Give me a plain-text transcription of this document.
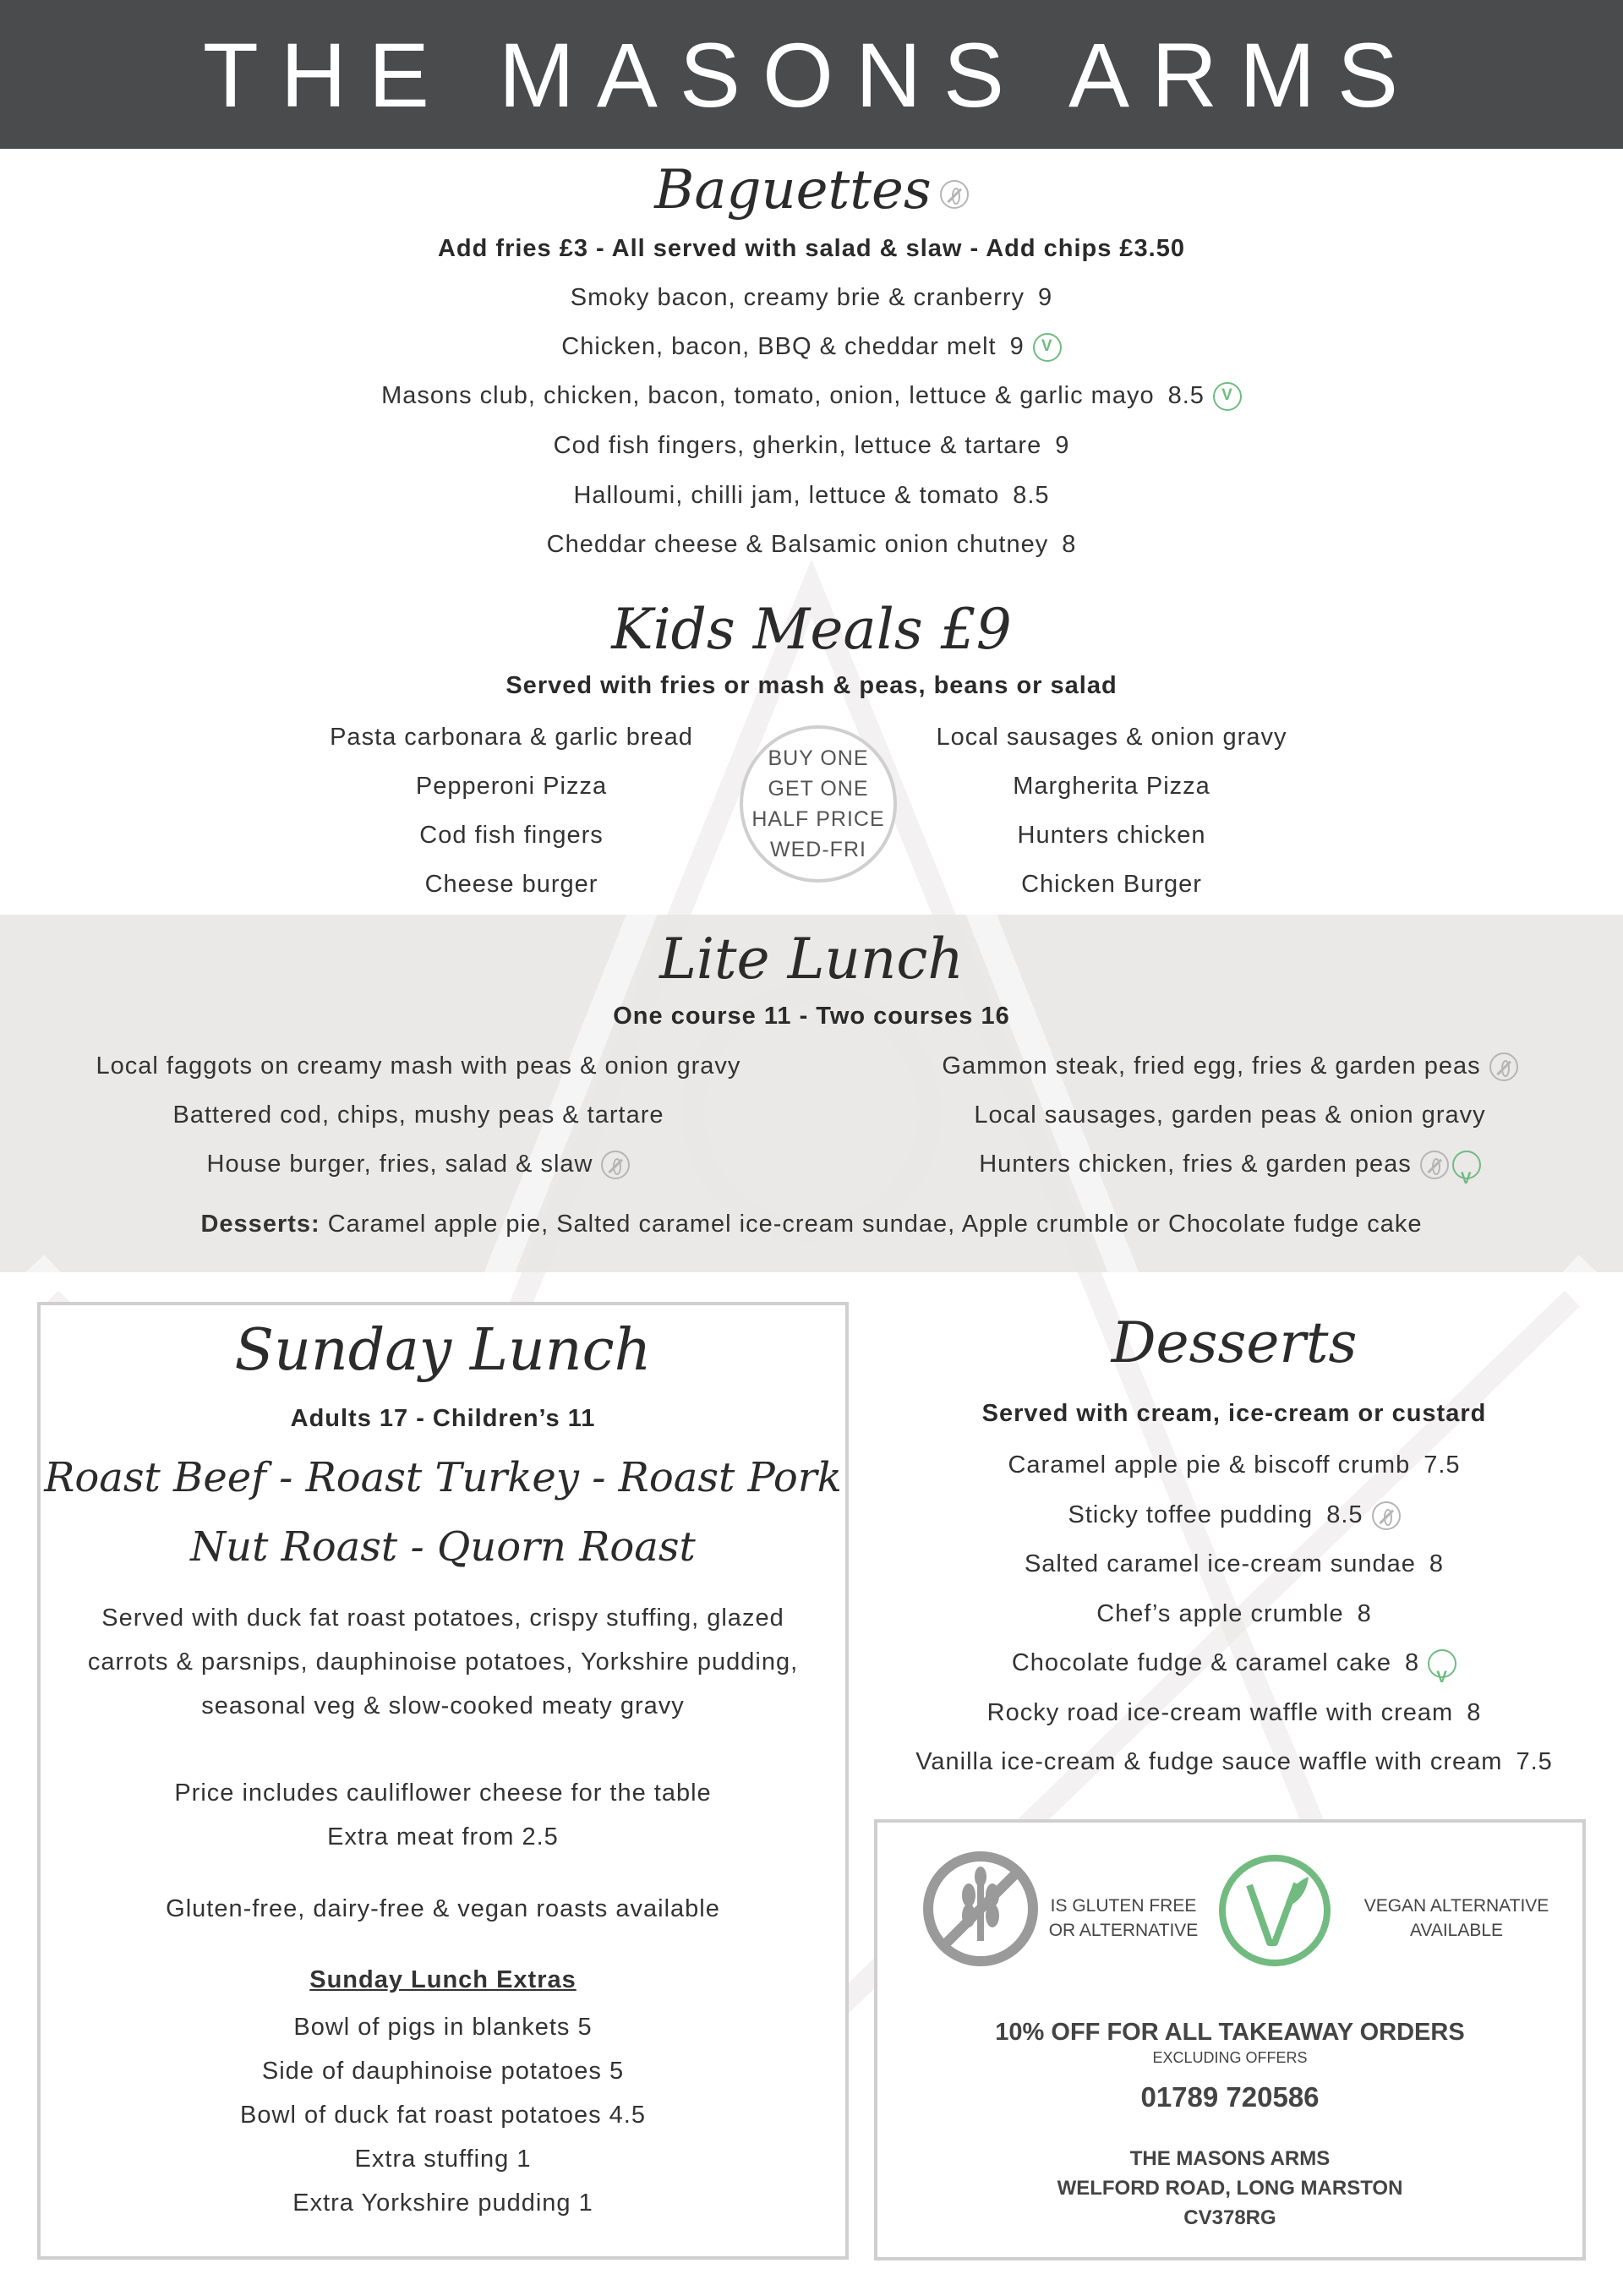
THE MASONS ARMS
Baguettes
Add fries £3 - All served with salad & slaw - Add chips £3.50
Smoky bacon, creamy brie & cranberry 9
Chicken, bacon, BBQ & cheddar melt 9V
Masons club, chicken, bacon, tomato, onion, lettuce & garlic mayo 8.5V
Cod fish fingers, gherkin, lettuce & tartare 9
Halloumi, chilli jam, lettuce & tomato 8.5
Cheddar cheese & Balsamic onion chutney 8
Kids Meals £9
Served with fries or mash & peas, beans or salad
Pasta carbonara & garlic bread
Pepperoni Pizza
Cod fish fingers
Cheese burger
Local sausages & onion gravy
Margherita Pizza
Hunters chicken
Chicken Burger
BUY ONE
GET ONE
HALF PRICE
WED-FRI
Lite Lunch
One course 11 - Two courses 16
Local faggots on creamy mash with peas & onion gravy
Battered cod, chips, mushy peas & tartare
House burger, fries, salad & slaw
Gammon steak, fried egg, fries & garden peas
Local sausages, garden peas & onion gravy
Hunters chicken, fries & garden peasV
Desserts: Caramel apple pie, Salted caramel ice-cream sundae, Apple crumble or Chocolate fudge cake
Sunday Lunch
Adults 17 - Children’s 11
Roast Beef - Roast Turkey - Roast Pork
Nut Roast - Quorn Roast
Served with duck fat roast potatoes, crispy stuffing, glazed
carrots & parsnips, dauphinoise potatoes, Yorkshire pudding,
seasonal veg & slow-cooked meaty gravy
Price includes cauliflower cheese for the table
Extra meat from 2.5
Gluten-free, dairy-free & vegan roasts available
Sunday Lunch Extras
Bowl of pigs in blankets 5
Side of dauphinoise potatoes 5
Bowl of duck fat roast potatoes 4.5
Extra stuffing 1
Extra Yorkshire pudding 1
Desserts
Served with cream, ice-cream or custard
Caramel apple pie & biscoff crumb 7.5
Sticky toffee pudding 8.5
Salted caramel ice-cream sundae 8
Chef’s apple crumble 8
Chocolate fudge & caramel cake 8V
Rocky road ice-cream waffle with cream 8
Vanilla ice-cream & fudge sauce waffle with cream 7.5
IS GLUTEN FREE
OR ALTERNATIVE
VEGAN ALTERNATIVE
AVAILABLE
10% OFF FOR ALL TAKEAWAY ORDERS
EXCLUDING OFFERS
01789 720586
THE MASONS ARMS
WELFORD ROAD, LONG MARSTON
CV378RG
